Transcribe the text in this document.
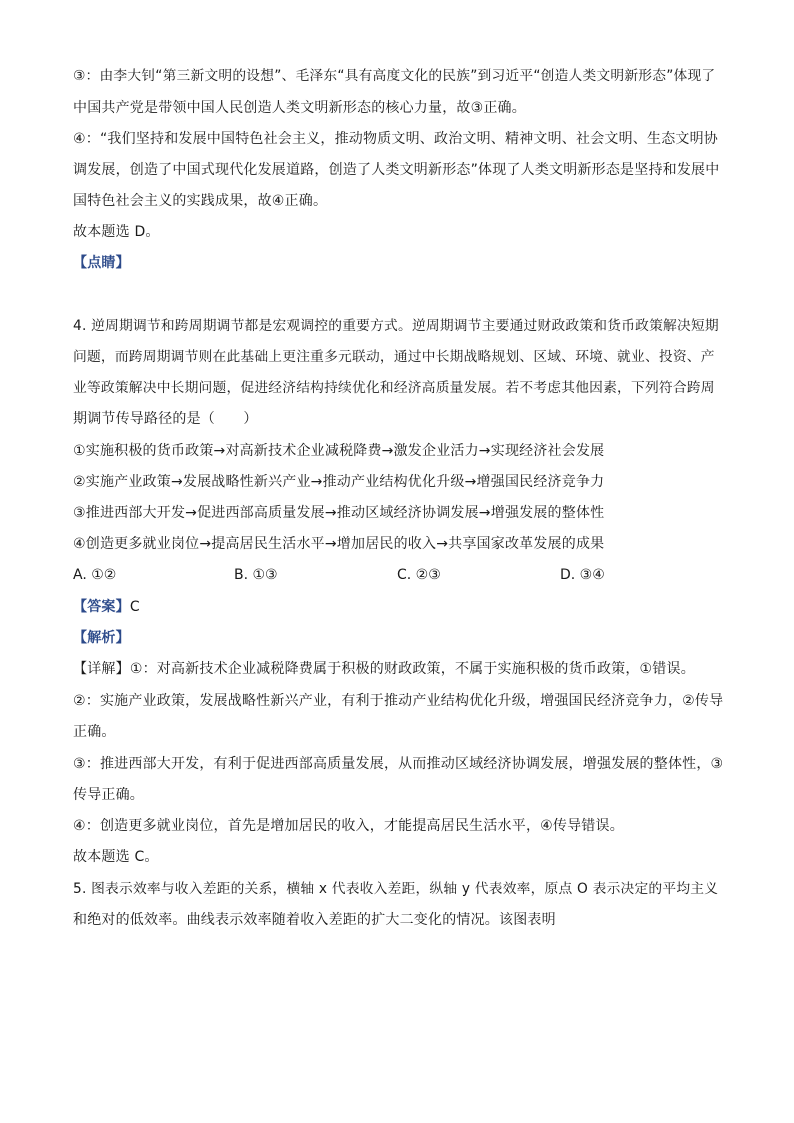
③：由李大钊“第三新文明的设想”、毛泽东“具有高度文化的民族”到习近平“创造人类文明新形态”体现了
中国共产党是带领中国人民创造人类文明新形态的核心力量，故③正确。
④：“我们坚持和发展中国特色社会主义，推动物质文明、政治文明、精神文明、社会文明、生态文明协
调发展，创造了中国式现代化发展道路，创造了人类文明新形态”体现了人类文明新形态是坚持和发展中
国特色社会主义的实践成果，故④正确。
故本题选 D。
【点睛】
4. 逆周期调节和跨周期调节都是宏观调控的重要方式。逆周期调节主要通过财政政策和货币政策解决短期
问题，而跨周期调节则在此基础上更注重多元联动，通过中长期战略规划、区域、环境、就业、投资、产
业等政策解决中长期问题，促进经济结构持续优化和经济高质量发展。若不考虑其他因素，下列符合跨周
期调节传导路径的是（　　）
①实施积极的货币政策→对高新技术企业减税降费→激发企业活力→实现经济社会发展
②实施产业政策→发展战略性新兴产业→推动产业结构优化升级→增强国民经济竞争力
③推进西部大开发→促进西部高质量发展→推动区域经济协调发展→增强发展的整体性
④创造更多就业岗位→提高居民生活水平→增加居民的收入→共享国家改革发展的成果
A. ①②	B. ①③	C. ②③	D. ③④
【答案】C
【解析】
【详解】①：对高新技术企业减税降费属于积极的财政政策，不属于实施积极的货币政策，①错误。
②：实施产业政策，发展战略性新兴产业，有利于推动产业结构优化升级，增强国民经济竞争力，②传导
正确。
③：推进西部大开发，有利于促进西部高质量发展，从而推动区域经济协调发展，增强发展的整体性，③
传导正确。
④：创造更多就业岗位，首先是增加居民的收入，才能提高居民生活水平，④传导错误。
故本题选 C。
5. 图表示效率与收入差距的关系，横轴 x 代表收入差距，纵轴 y 代表效率，原点 O 表示决定的平均主义
和绝对的低效率。曲线表示效率随着收入差距的扩大二变化的情况。该图表明
